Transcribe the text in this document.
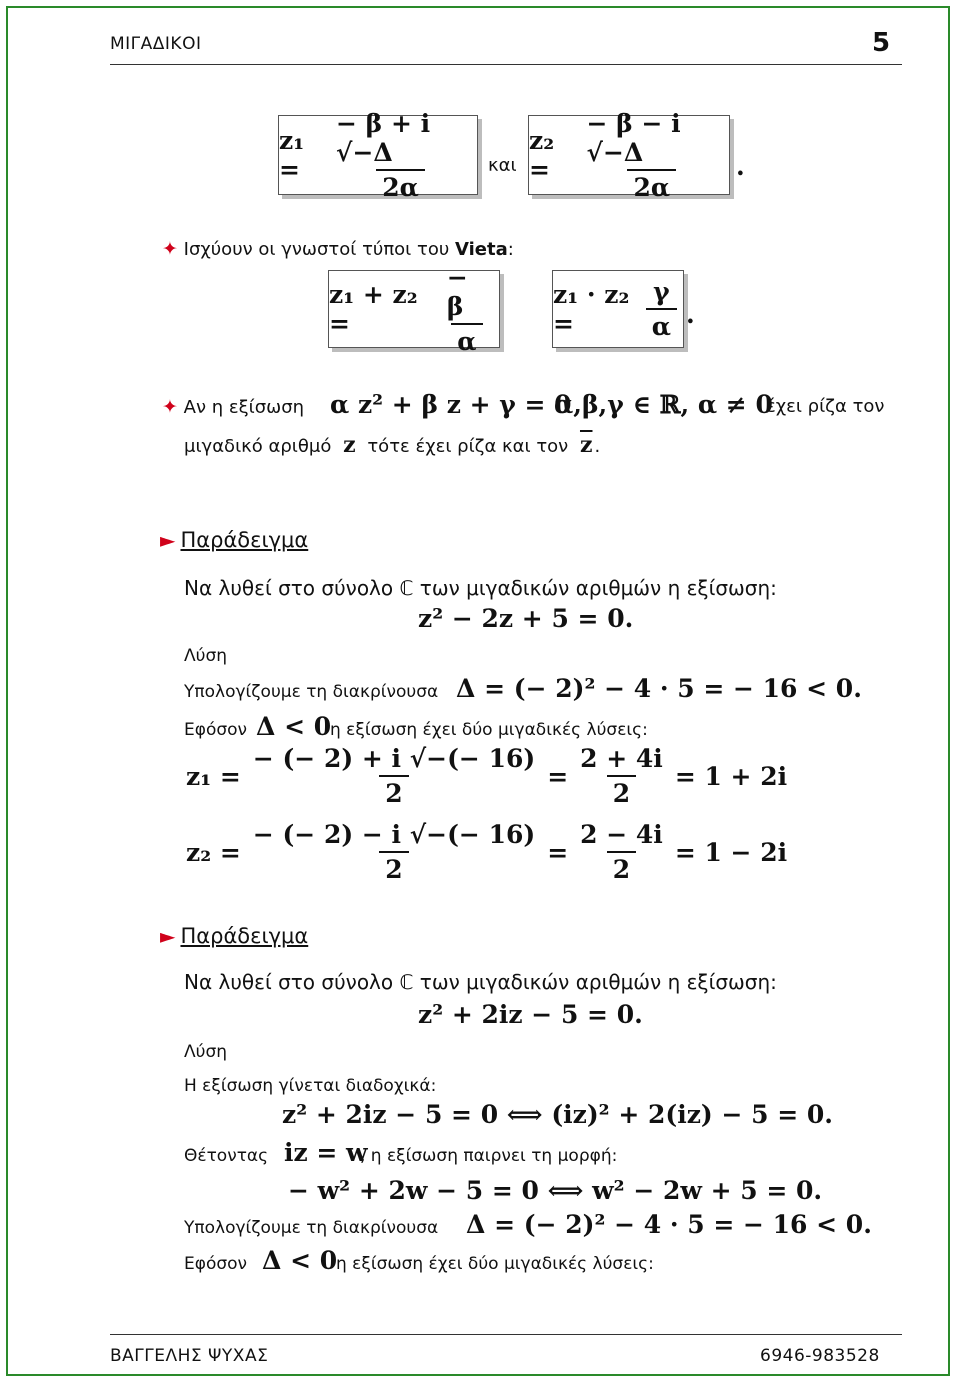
ΜΙΓΑΔΙΚΟΙ	5
z₁ =	$\frac{- \beta + i √-\Delta}{2\alpha}$ και
z₂ =	$\frac{- \beta - i √-\Delta}{2\alpha}$ .
✦ Ισχύουν οι γνωστοί τύποι του Vieta:
z₁ + z₂ =	$\frac{- \beta}{\alpha} z_1 \cdot z_2$ =	$\frac{\gamma}{\alpha}$ .
✦ Αν η εξίσωση α z² + β z + γ = 0
α,β,γ ∈ ℝ, α ≠ 0
έχει ρίζα τον
μιγαδικό αριθμό z τότε έχει ρίζα και τον $\overline{z}$ .
► Παράδειγμα
Να λυθεί στο σύνολο ℂ των μιγαδικών αριθμών η εξίσωση:
z² − 2z + 5 = 0.
Λύση
Υπολογίζουμε τη διακρίνουσα Δ = (− 2)² − 4 · 5 = − 16 < 0.
Εφόσον Δ < 0
η εξίσωση έχει δύο μιγαδικές λύσεις:
$z_1 = \frac{- (- 2) + i √-(- 16)}{2} = \frac{2 + 4i}{2} = 1 + 2i$
$z_2 = \frac{- (- 2) - i √-(- 16)}{2} = \frac{2 - 4i}{2} = 1 - 2i$
► Παράδειγμα
Να λυθεί στο σύνολο ℂ των μιγαδικών αριθμών η εξίσωση:
z² + 2iz − 5 = 0.
Λύση
Η εξίσωση γίνεται διαδοχικά:
z² + 2iz − 5 = 0 ⟺ (iz)² + 2(iz) − 5 = 0.
Θέτοντας iz = w
, η εξίσωση παιρνει τη μορφή:
− w² + 2w − 5 = 0 ⟺ w² − 2w + 5 = 0.
Υπολογίζουμε τη διακρίνουσα Δ = (− 2)² − 4 · 5 = − 16 < 0.
Εφόσον Δ < 0
η εξίσωση έχει δύο μιγαδικές λύσεις:
ΒΑΓΓΕΛΗΣ ΨΥΧΑΣ	6946-983528
